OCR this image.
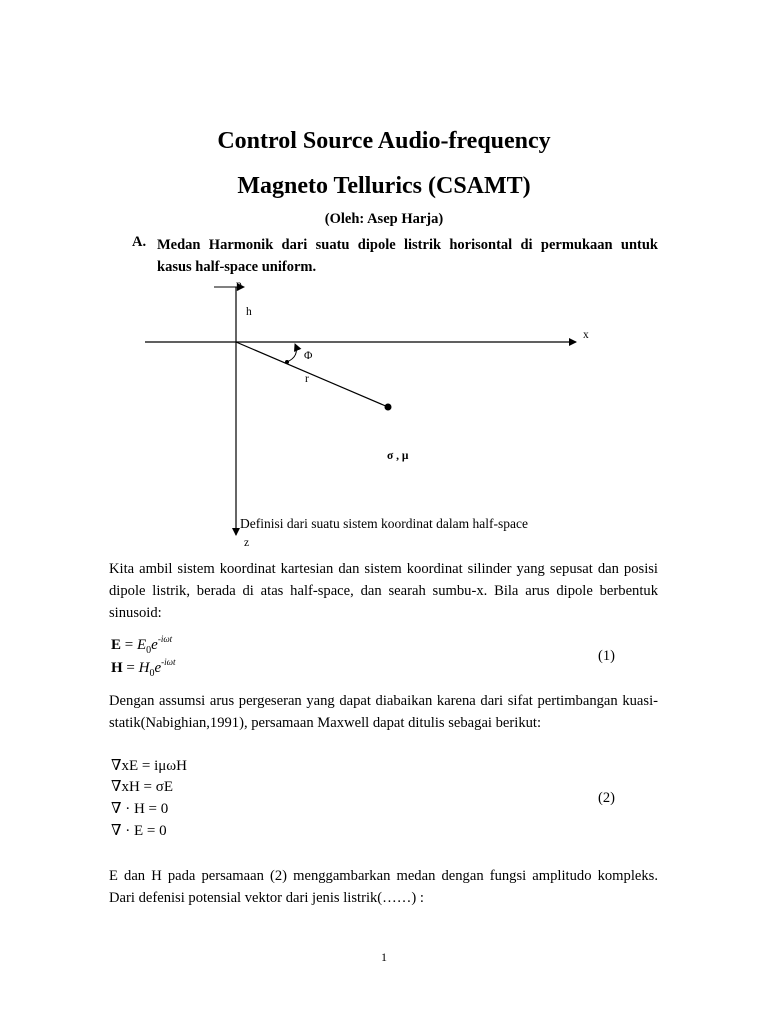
Control Source Audio-frequency
Magneto Tellurics (CSAMT)
(Oleh: Asep Harja)
A. Medan Harmonik dari suatu dipole listrik horisontal di permukaan untuk
kasus half-space uniform.
p
h
x
Φ
r
σ , μ
Definisi dari suatu sistem koordinat dalam half-space
z
Kita ambil sistem koordinat kartesian dan sistem koordinat silinder yang sepusat dan posisi dipole listrik, berada di atas half-space, dan searah sumbu-x. Bila arus dipole berbentuk sinusoid:
$E = E_0e^{-i\omega t}$
$H = H_0e^{-i\omega t}$	(1)
Dengan assumsi arus pergeseran yang dapat diabaikan karena dari sifat pertimbangan kuasi-statik(Nabighian,1991), persamaan Maxwell dapat ditulis sebagai berikut:
∇xE = iμωH
∇xH = σE
∇ · H = 0
∇ · E = 0
(2)
E dan H pada persamaan (2) menggambarkan medan dengan fungsi amplitudo kompleks. Dari defenisi potensial vektor dari jenis listrik(……) :
1
